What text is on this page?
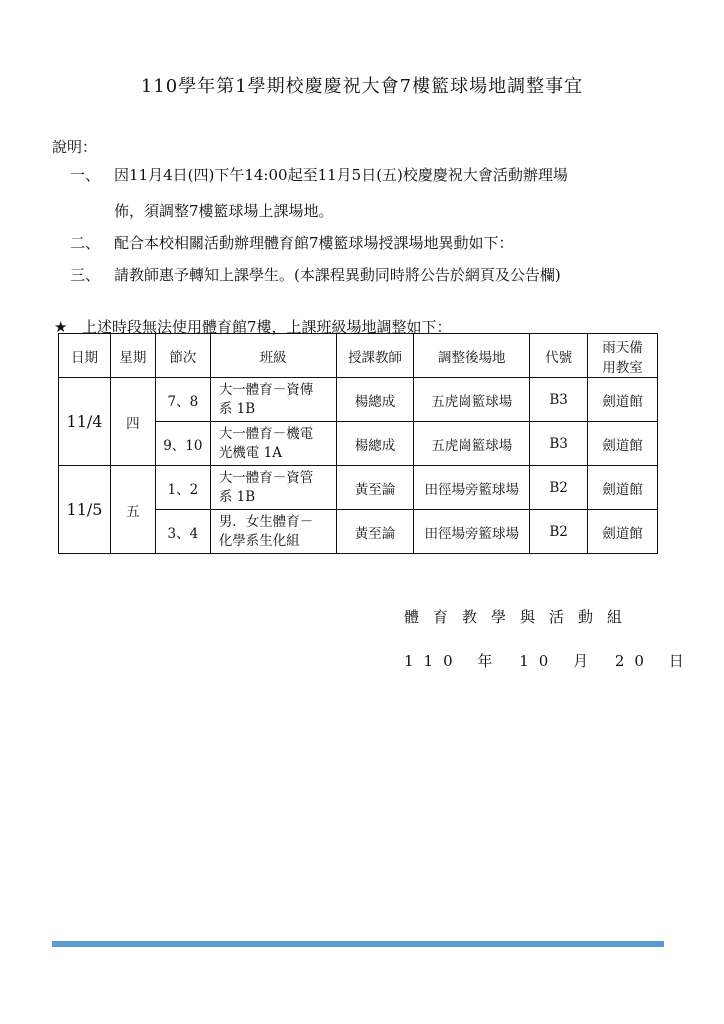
110學年第1學期校慶慶祝大會7樓籃球場地調整事宜
說明：
一、 因11月4日(四)下午14:00起至11月5日(五)校慶慶祝大會活動辦理場
佈，須調整7樓籃球場上課場地。
二、 配合本校相關活動辦理體育館7樓籃球場授課場地異動如下：
三、 請教師惠予轉知上課學生。(本課程異動同時將公告於網頁及公告欄)
★ 上述時段無法使用體育館7樓，上課班級場地調整如下：
日期	星期	節次	班級	授課教師	調整後場地	代號	雨天備
用教室
11/4	四	7、8	大一體育－資傳
系 1B	楊總成	五虎崗籃球場	B3	劍道館
		9、10	大一體育－機電
光機電 1A	楊總成	五虎崗籃球場	B3	劍道館
11/5	五	1、2	大一體育－資管
系 1B	黃至論	田徑場旁籃球場	B2	劍道館
		3、4	男．女生體育－
化學系生化組	黃至論	田徑場旁籃球場	B2	劍道館
體育教學與活動組
110 年 10 月 20 日
